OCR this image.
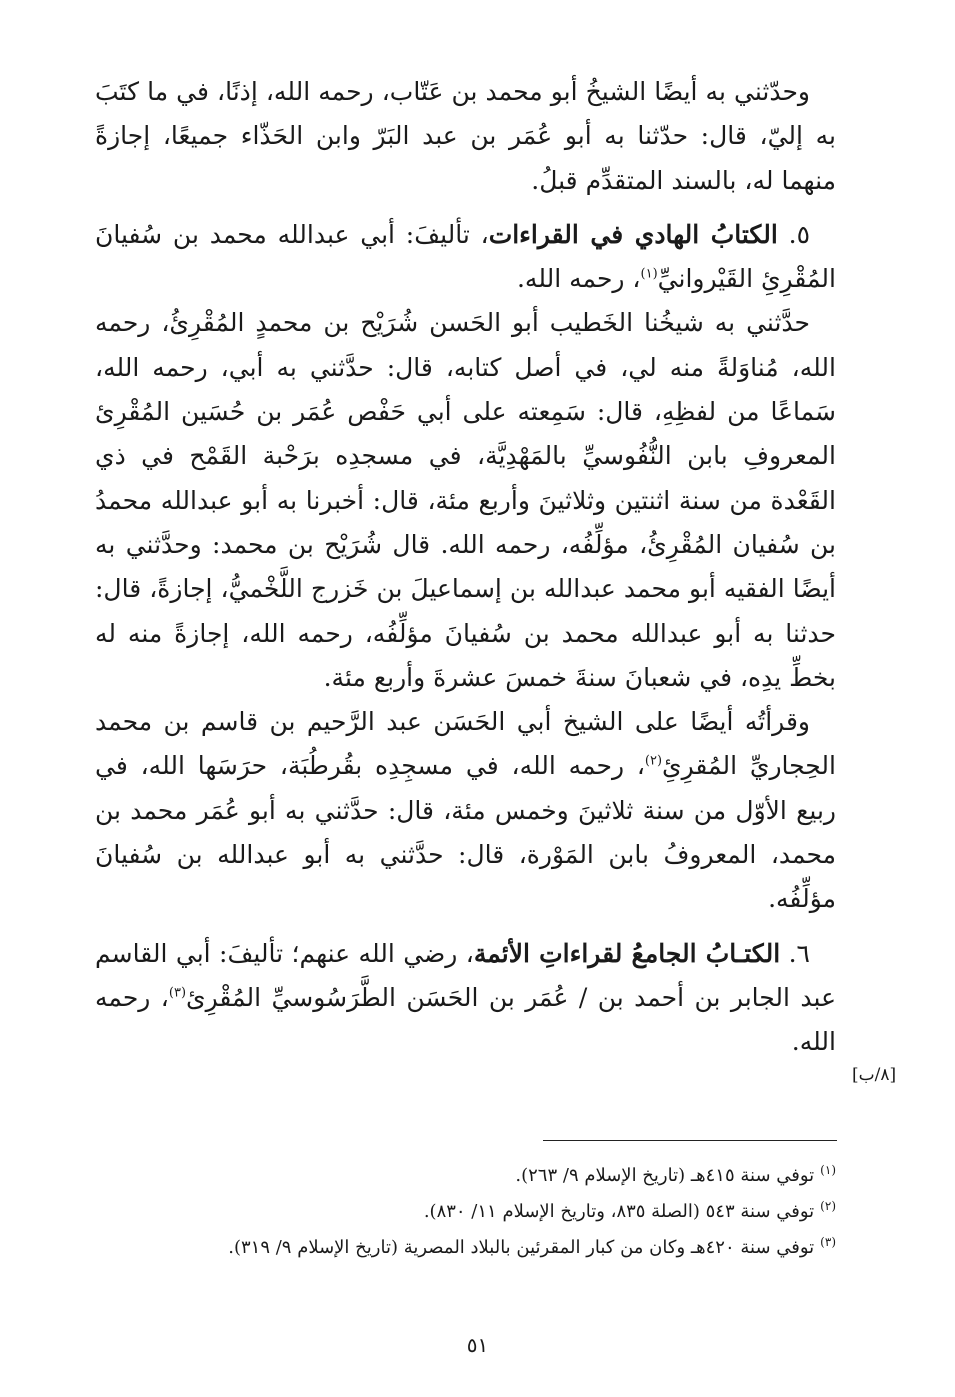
وحدّثني به أيضًا الشيخُ أبو محمد بن عَتّاب، رحمه الله، إذنًا، في ما كتَبَ به إليّ، قال: حدّثنا به أبو عُمَر بن عبد البَرّ وابن الحَذّاء جميعًا، إجازةً منهما له، بالسند المتقدِّم قبلُ.

٥. الكتابُ الهادي في القراءات، تأليفَ: أبي عبدالله محمد بن سُفيانَ المُقْرِئِ القَيْروانيِّ$^{(١)}$، رحمه الله.

حدَّثني به شيخُنا الخَطيب أبو الحَسن شُرَيْح بن محمدٍ المُقْرِئُ، رحمه الله، مُناوَلةً منه لي، في أصل كتابه، قال: حدَّثني به أبي، رحمه الله، سَماعًا من لفظِهِ، قال: سَمِعته على أبي حَفْص عُمَر بن حُسَين المُقْرِئ المعروفِ بابن النُّفُوسيِّ بالمَهْدِيَّة، في مسجدِه برَحْبة القَمْح في ذي القَعْدة من سنة اثنتين وثلاثينَ وأربع مئة، قال: أخبرنا به أبو عبدالله محمدُ بن سُفيان المُقْرِئُ، مؤلِّفُه، رحمه الله. قال شُرَيْح بن محمد: وحدَّثني به أيضًا الفقيه أبو محمد عبدالله بن إسماعيلَ بن خَزرج اللَّخْميُّ، إجازةً، قال: حدثنا به أبو عبدالله محمد بن سُفيانَ مؤلِّفُه، رحمه الله، إجازةً منه له بخطِّ يدِه، في شعبانَ سنةَ خمسَ عشرةَ وأربع مئة.

وقرأتُه أيضًا على الشيخ أبي الحَسَن عبد الرَّحيم بن قاسم بن محمد الحِجاريِّ المُقرِئِ$^{(٢)}$، رحمه الله، في مسجِدِه بقُرطُبَة، حرَسَها الله، في ربيع الأوّل من سنة ثلاثينَ وخمس مئة، قال: حدَّثني به أبو عُمَر محمد بن محمد، المعروفُ بابن المَوْرة، قال: حدَّثني به أبو عبدالله بن سُفيانَ مؤلِّفُه.

٦. الكتـابُ الجامعُ لقراءاتِ الأئمة، رضي الله عنهم؛ تأليفَ: أبي القاسم عبد الجابر بن أحمد بن / عُمَر بن الحَسَن الطَّرَسُوسيِّ المُقْرِئ$^{(٣)}$، رحمه الله.

[٨/ب]

$^{(١)}$توفي سنة ٤١٥هـ (تاريخ الإسلام ٩/ ٢٦٣).

$^{(٢)}$توفي سنة ٥٤٣ (الصلة ٨٣٥، وتاريخ الإسلام ١١/ ٨٣٠).

$^{(٣)}$توفي سنة ٤٢٠هـ وكان من كبار المقرئين بالبلاد المصرية (تاريخ الإسلام ٩/ ٣١٩).

٥١
